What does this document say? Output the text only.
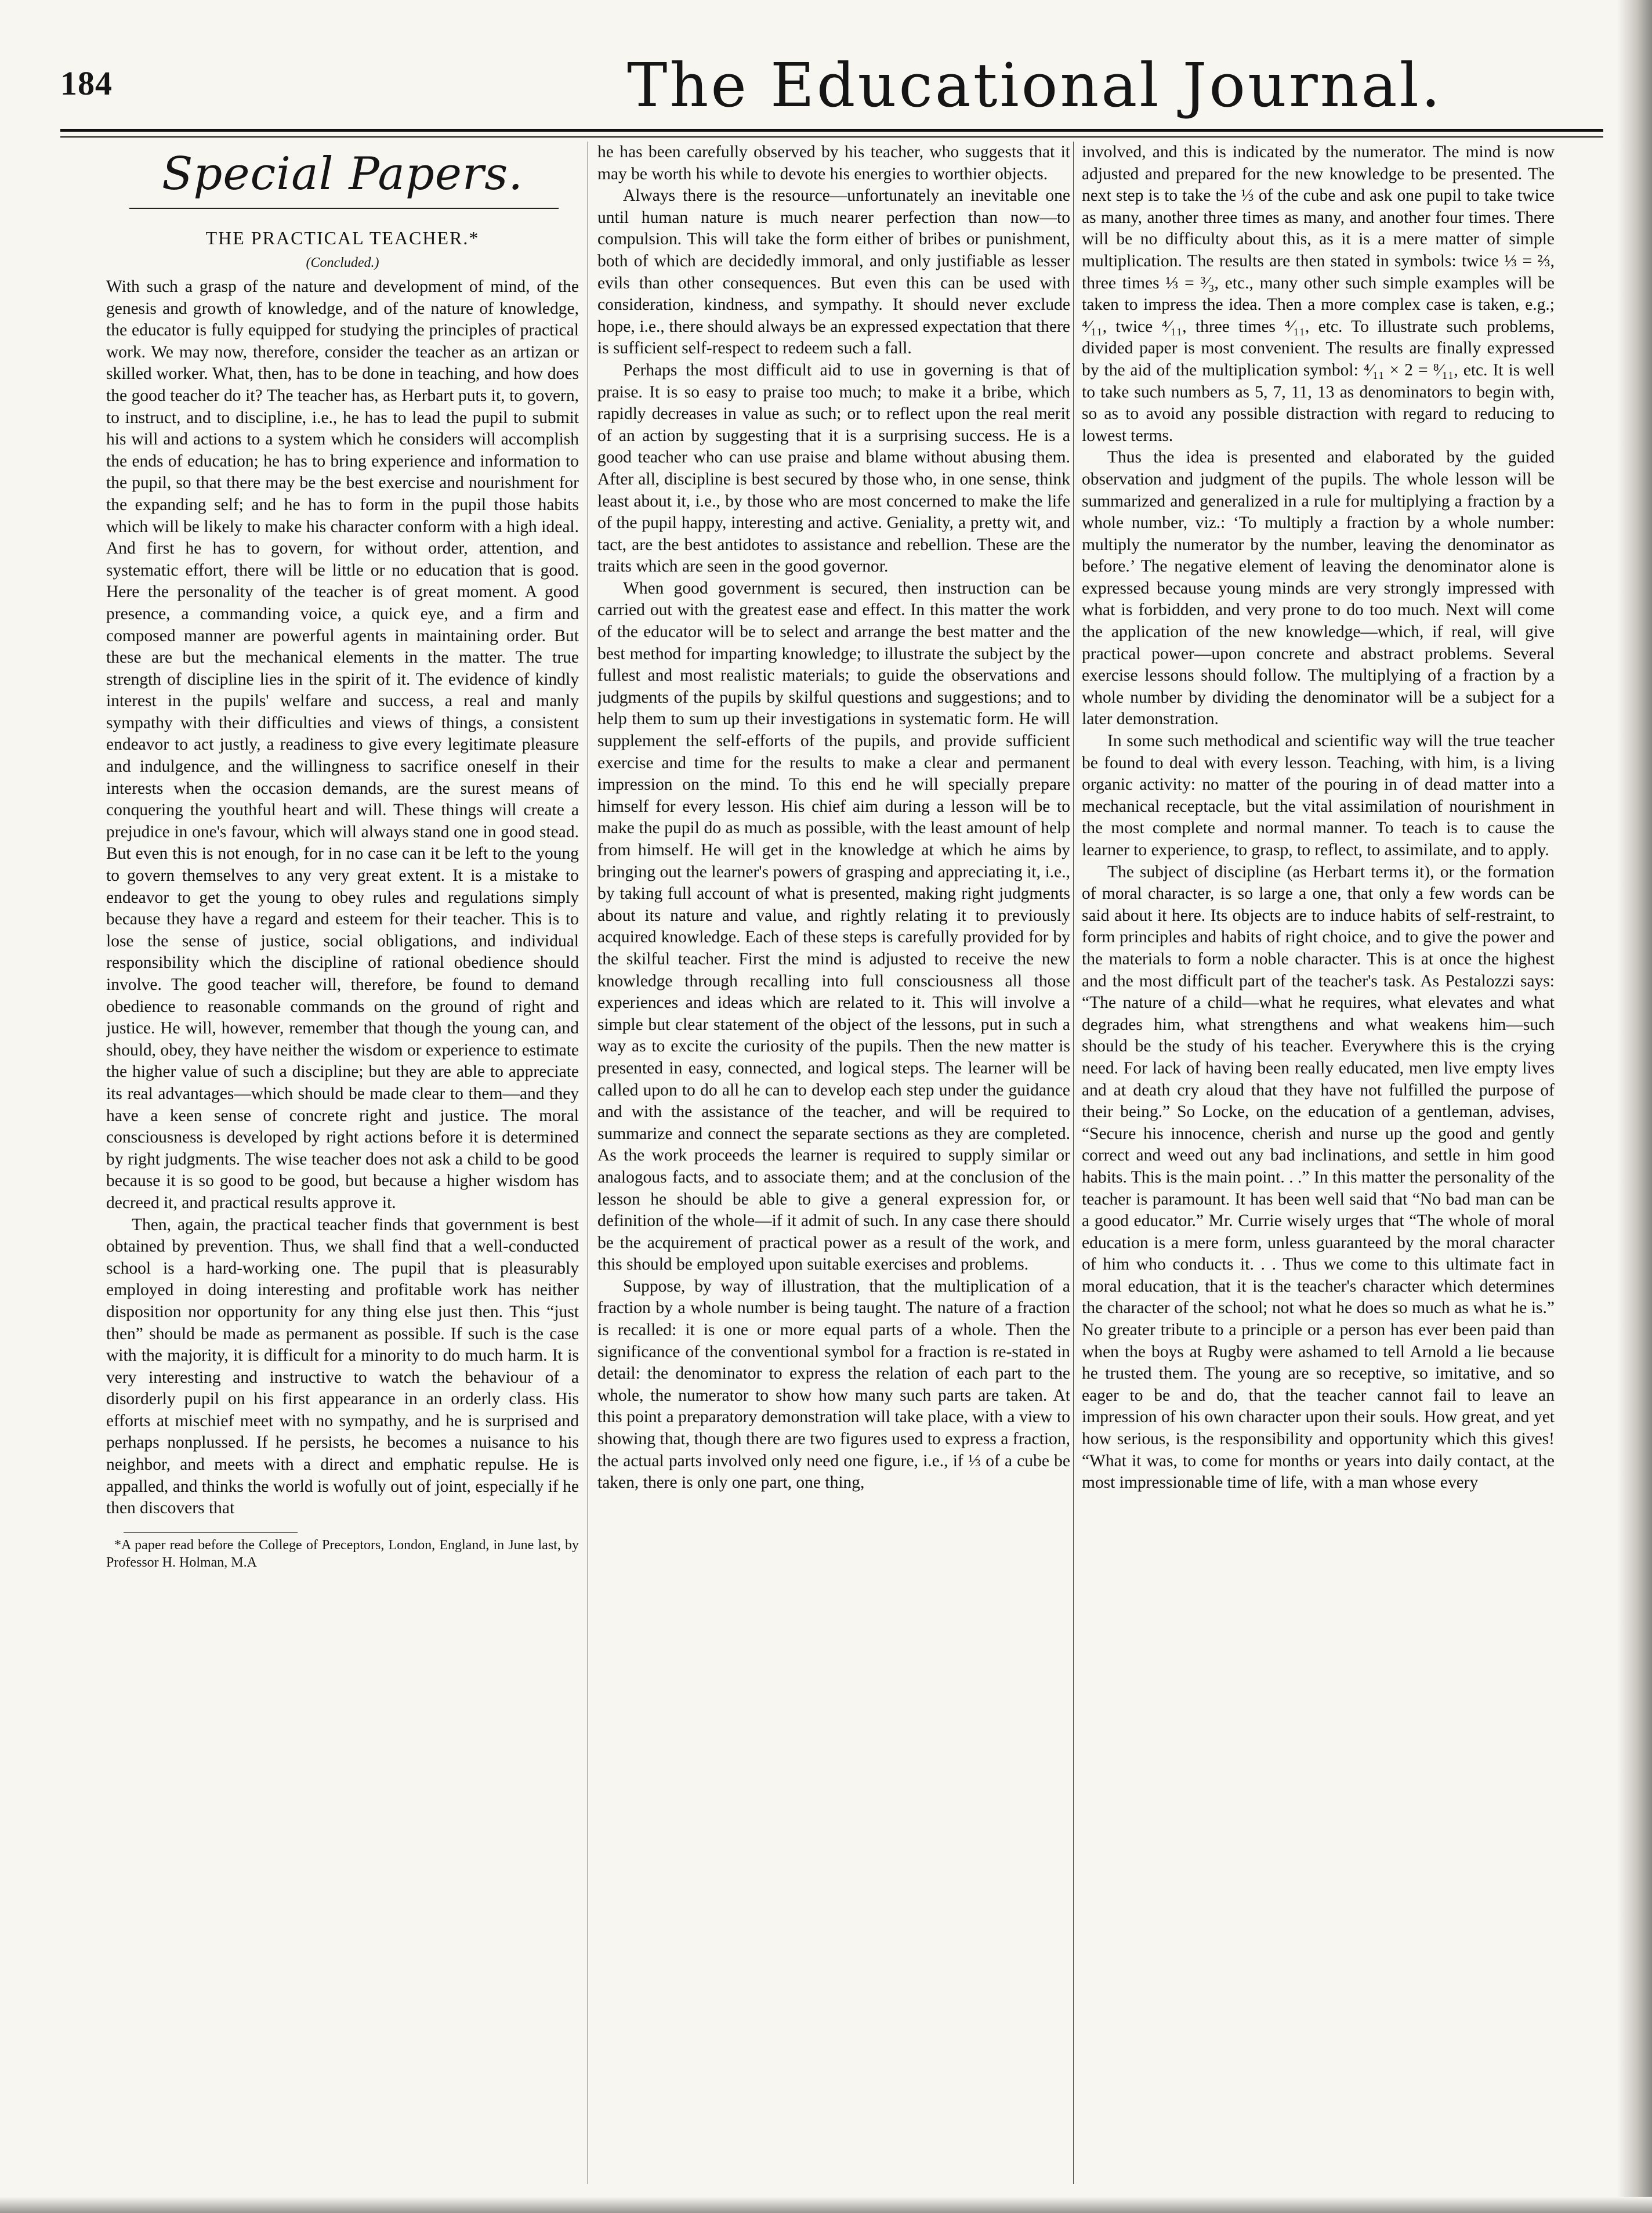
184	The Educational Journal.
Special Papers.
THE PRACTICAL TEACHER.*
(Concluded.)

With such a grasp of the nature and development of mind, of the genesis and growth of knowledge, and of the nature of knowledge, the educator is fully equipped for studying the principles of practical work. We may now, therefore, consider the teacher as an artizan or skilled worker. What, then, has to be done in teaching, and how does the good teacher do it? The teacher has, as Herbart puts it, to govern, to instruct, and to discipline, i.e., he has to lead the pupil to submit his will and actions to a system which he considers will accomplish the ends of education; he has to bring experience and information to the pupil, so that there may be the best exercise and nourishment for the expanding self; and he has to form in the pupil those habits which will be likely to make his character conform with a high ideal. And first he has to govern, for without order, attention, and systematic effort, there will be little or no education that is good. Here the personality of the teacher is of great moment. A good presence, a commanding voice, a quick eye, and a firm and composed manner are powerful agents in maintaining order. But these are but the mechanical elements in the matter. The true strength of discipline lies in the spirit of it. The evidence of kindly interest in the pupils' welfare and success, a real and manly sympathy with their difficulties and views of things, a consistent endeavor to act justly, a readiness to give every legitimate pleasure and indulgence, and the willingness to sacrifice oneself in their interests when the occasion demands, are the surest means of conquering the youthful heart and will. These things will create a prejudice in one's favour, which will always stand one in good stead. But even this is not enough, for in no case can it be left to the young to govern themselves to any very great extent. It is a mistake to endeavor to get the young to obey rules and regulations simply because they have a regard and esteem for their teacher. This is to lose the sense of justice, social obligations, and individual responsibility which the discipline of rational obedience should involve. The good teacher will, therefore, be found to demand obedience to reasonable commands on the ground of right and justice. He will, however, remember that though the young can, and should, obey, they have neither the wisdom or experience to estimate the higher value of such a discipline; but they are able to appreciate its real advantages—which should be made clear to them—and they have a keen sense of concrete right and justice. The moral consciousness is developed by right actions before it is determined by right judgments. The wise teacher does not ask a child to be good because it is so good to be good, but because a higher wisdom has decreed it, and practical results approve it.

Then, again, the practical teacher finds that government is best obtained by prevention. Thus, we shall find that a well-conducted school is a hard-working one. The pupil that is pleasurably employed in doing interesting and profitable work has neither disposition nor opportunity for any thing else just then. This “just then” should be made as permanent as possible. If such is the case with the majority, it is difficult for a minority to do much harm. It is very interesting and instructive to watch the behaviour of a disorderly pupil on his first appearance in an orderly class. His efforts at mischief meet with no sympathy, and he is surprised and perhaps nonplussed. If he persists, he becomes a nuisance to his neighbor, and meets with a direct and emphatic repulse. He is appalled, and thinks the world is wofully out of joint, especially if he then discovers that

*A paper read before the College of Preceptors, London, England, in June last, by Professor H. Holman, M.A

he has been carefully observed by his teacher, who suggests that it may be worth his while to devote his energies to worthier objects.

Always there is the resource—unfortunately an inevitable one until human nature is much nearer perfection than now—to compulsion. This will take the form either of bribes or punishment, both of which are decidedly immoral, and only justifiable as lesser evils than other consequences. But even this can be used with consideration, kindness, and sympathy. It should never exclude hope, i.e., there should always be an expressed expectation that there is sufficient self-respect to redeem such a fall.

Perhaps the most difficult aid to use in governing is that of praise. It is so easy to praise too much; to make it a bribe, which rapidly decreases in value as such; or to reflect upon the real merit of an action by suggesting that it is a surprising success. He is a good teacher who can use praise and blame without abusing them. After all, discipline is best secured by those who, in one sense, think least about it, i.e., by those who are most concerned to make the life of the pupil happy, interesting and active. Geniality, a pretty wit, and tact, are the best antidotes to assistance and rebellion. These are the traits which are seen in the good governor.

When good government is secured, then instruction can be carried out with the greatest ease and effect. In this matter the work of the educator will be to select and arrange the best matter and the best method for imparting knowledge; to illustrate the subject by the fullest and most realistic materials; to guide the observations and judgments of the pupils by skilful questions and suggestions; and to help them to sum up their investigations in systematic form. He will supplement the self-efforts of the pupils, and provide sufficient exercise and time for the results to make a clear and permanent impression on the mind. To this end he will specially prepare himself for every lesson. His chief aim during a lesson will be to make the pupil do as much as possible, with the least amount of help from himself. He will get in the knowledge at which he aims by bringing out the learner's powers of grasping and appreciating it, i.e., by taking full account of what is presented, making right judgments about its nature and value, and rightly relating it to previously acquired knowledge. Each of these steps is carefully provided for by the skilful teacher. First the mind is adjusted to receive the new knowledge through recalling into full consciousness all those experiences and ideas which are related to it. This will involve a simple but clear statement of the object of the lessons, put in such a way as to excite the curiosity of the pupils. Then the new matter is presented in easy, connected, and logical steps. The learner will be called upon to do all he can to develop each step under the guidance and with the assistance of the teacher, and will be required to summarize and connect the separate sections as they are completed. As the work proceeds the learner is required to supply similar or analogous facts, and to associate them; and at the conclusion of the lesson he should be able to give a general expression for, or definition of the whole—if it admit of such. In any case there should be the acquirement of practical power as a result of the work, and this should be employed upon suitable exercises and problems.

Suppose, by way of illustration, that the multiplication of a fraction by a whole number is being taught. The nature of a fraction is recalled: it is one or more equal parts of a whole. Then the significance of the conventional symbol for a fraction is re-stated in detail: the denominator to express the relation of each part to the whole, the numerator to show how many such parts are taken. At this point a preparatory demonstration will take place, with a view to showing that, though there are two figures used to express a fraction, the actual parts involved only need one figure, i.e., if ⅓ of a cube be taken, there is only one part, one thing,

involved, and this is indicated by the numerator. The mind is now adjusted and prepared for the new knowledge to be presented. The next step is to take the ⅓ of the cube and ask one pupil to take twice as many, another three times as many, and another four times. There will be no difficulty about this, as it is a mere matter of simple multiplication. The results are then stated in symbols: twice ⅓ = ⅔, three times ⅓ = ³⁄₃, etc., many other such simple examples will be taken to impress the idea. Then a more complex case is taken, e.g.; ⁴⁄₁₁, twice ⁴⁄₁₁, three times ⁴⁄₁₁, etc. To illustrate such problems, divided paper is most convenient. The results are finally expressed by the aid of the multiplication symbol: ⁴⁄₁₁ × 2 = ⁸⁄₁₁, etc. It is well to take such numbers as 5, 7, 11, 13 as denominators to begin with, so as to avoid any possible distraction with regard to reducing to lowest terms.

Thus the idea is presented and elaborated by the guided observation and judgment of the pupils. The whole lesson will be summarized and generalized in a rule for multiplying a fraction by a whole number, viz.: ‘To multiply a fraction by a whole number: multiply the numerator by the number, leaving the denominator as before.’ The negative element of leaving the denominator alone is expressed because young minds are very strongly impressed with what is forbidden, and very prone to do too much. Next will come the application of the new knowledge—which, if real, will give practical power—upon concrete and abstract problems. Several exercise lessons should follow. The multiplying of a fraction by a whole number by dividing the denominator will be a subject for a later demonstration.

In some such methodical and scientific way will the true teacher be found to deal with every lesson. Teaching, with him, is a living organic activity: no matter of the pouring in of dead matter into a mechanical receptacle, but the vital assimilation of nourishment in the most complete and normal manner. To teach is to cause the learner to experience, to grasp, to reflect, to assimilate, and to apply.

The subject of discipline (as Herbart terms it), or the formation of moral character, is so large a one, that only a few words can be said about it here. Its objects are to induce habits of self-restraint, to form principles and habits of right choice, and to give the power and the materials to form a noble character. This is at once the highest and the most difficult part of the teacher's task. As Pestalozzi says: “The nature of a child—what he requires, what elevates and what degrades him, what strengthens and what weakens him—such should be the study of his teacher. Everywhere this is the crying need. For lack of having been really educated, men live empty lives and at death cry aloud that they have not fulfilled the purpose of their being.” So Locke, on the education of a gentleman, advises, “Secure his innocence, cherish and nurse up the good and gently correct and weed out any bad inclinations, and settle in him good habits. This is the main point. . .” In this matter the personality of the teacher is paramount. It has been well said that “No bad man can be a good educator.” Mr. Currie wisely urges that “The whole of moral education is a mere form, unless guaranteed by the moral character of him who conducts it. . . Thus we come to this ultimate fact in moral education, that it is the teacher's character which determines the character of the school; not what he does so much as what he is.” No greater tribute to a principle or a person has ever been paid than when the boys at Rugby were ashamed to tell Arnold a lie because he trusted them. The young are so receptive, so imitative, and so eager to be and do, that the teacher cannot fail to leave an impression of his own character upon their souls. How great, and yet how serious, is the responsibility and opportunity which this gives! “What it was, to come for months or years into daily contact, at the most impressionable time of life, with a man whose every
